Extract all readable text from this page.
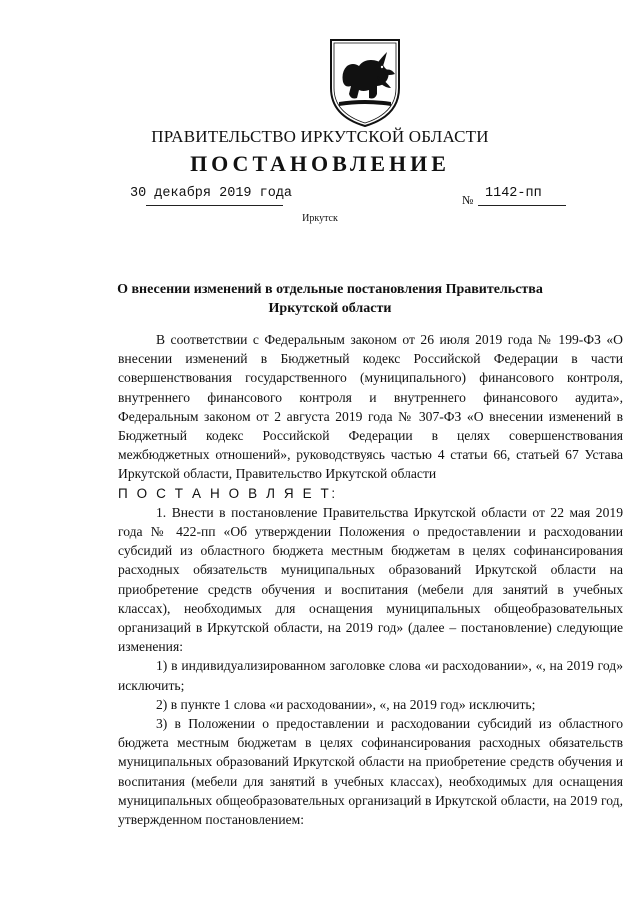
ПРАВИТЕЛЬСТВО ИРКУТСКОЙ ОБЛАСТИ
ПОСТАНОВЛЕНИЕ
30 декабря 2019 года	№ 1142-пп
Иркутск
О внесении изменений в отдельные постановления Правительства Иркутской области

В соответствии с Федеральным законом от 26 июля 2019 года № 199-ФЗ «О внесении изменений в Бюджетный кодекс Российской Федерации в части совершенствования государственного (муниципального) финансового контроля, внутреннего финансового контроля и внутреннего финансового аудита», Федеральным законом от 2 августа 2019 года № 307-ФЗ «О внесении изменений в Бюджетный кодекс Российской Федерации в целях совершенствования межбюджетных отношений», руководствуясь частью 4 статьи 66, статьей 67 Устава Иркутской области, Правительство Иркутской области

П О С Т А Н О В Л Я Е Т:

1. Внести в постановление Правительства Иркутской области от 22 мая 2019 года № 422-пп «Об утверждении Положения о предоставлении и расходовании субсидий из областного бюджета местным бюджетам в целях софинансирования расходных обязательств муниципальных образований Иркутской области на приобретение средств обучения и воспитания (мебели для занятий в учебных классах), необходимых для оснащения муниципальных общеобразовательных организаций в Иркутской области, на 2019 год» (далее – постановление) следующие изменения:

1) в индивидуализированном заголовке слова «и расходовании», «, на 2019 год» исключить;

2) в пункте 1 слова «и расходовании», «, на 2019 год» исключить;

3) в Положении о предоставлении и расходовании субсидий из областного бюджета местным бюджетам в целях софинансирования расходных обязательств муниципальных образований Иркутской области на приобретение средств обучения и воспитания (мебели для занятий в учебных классах), необходимых для оснащения муниципальных общеобразовательных организаций в Иркутской области, на 2019 год, утвержденном постановлением:
